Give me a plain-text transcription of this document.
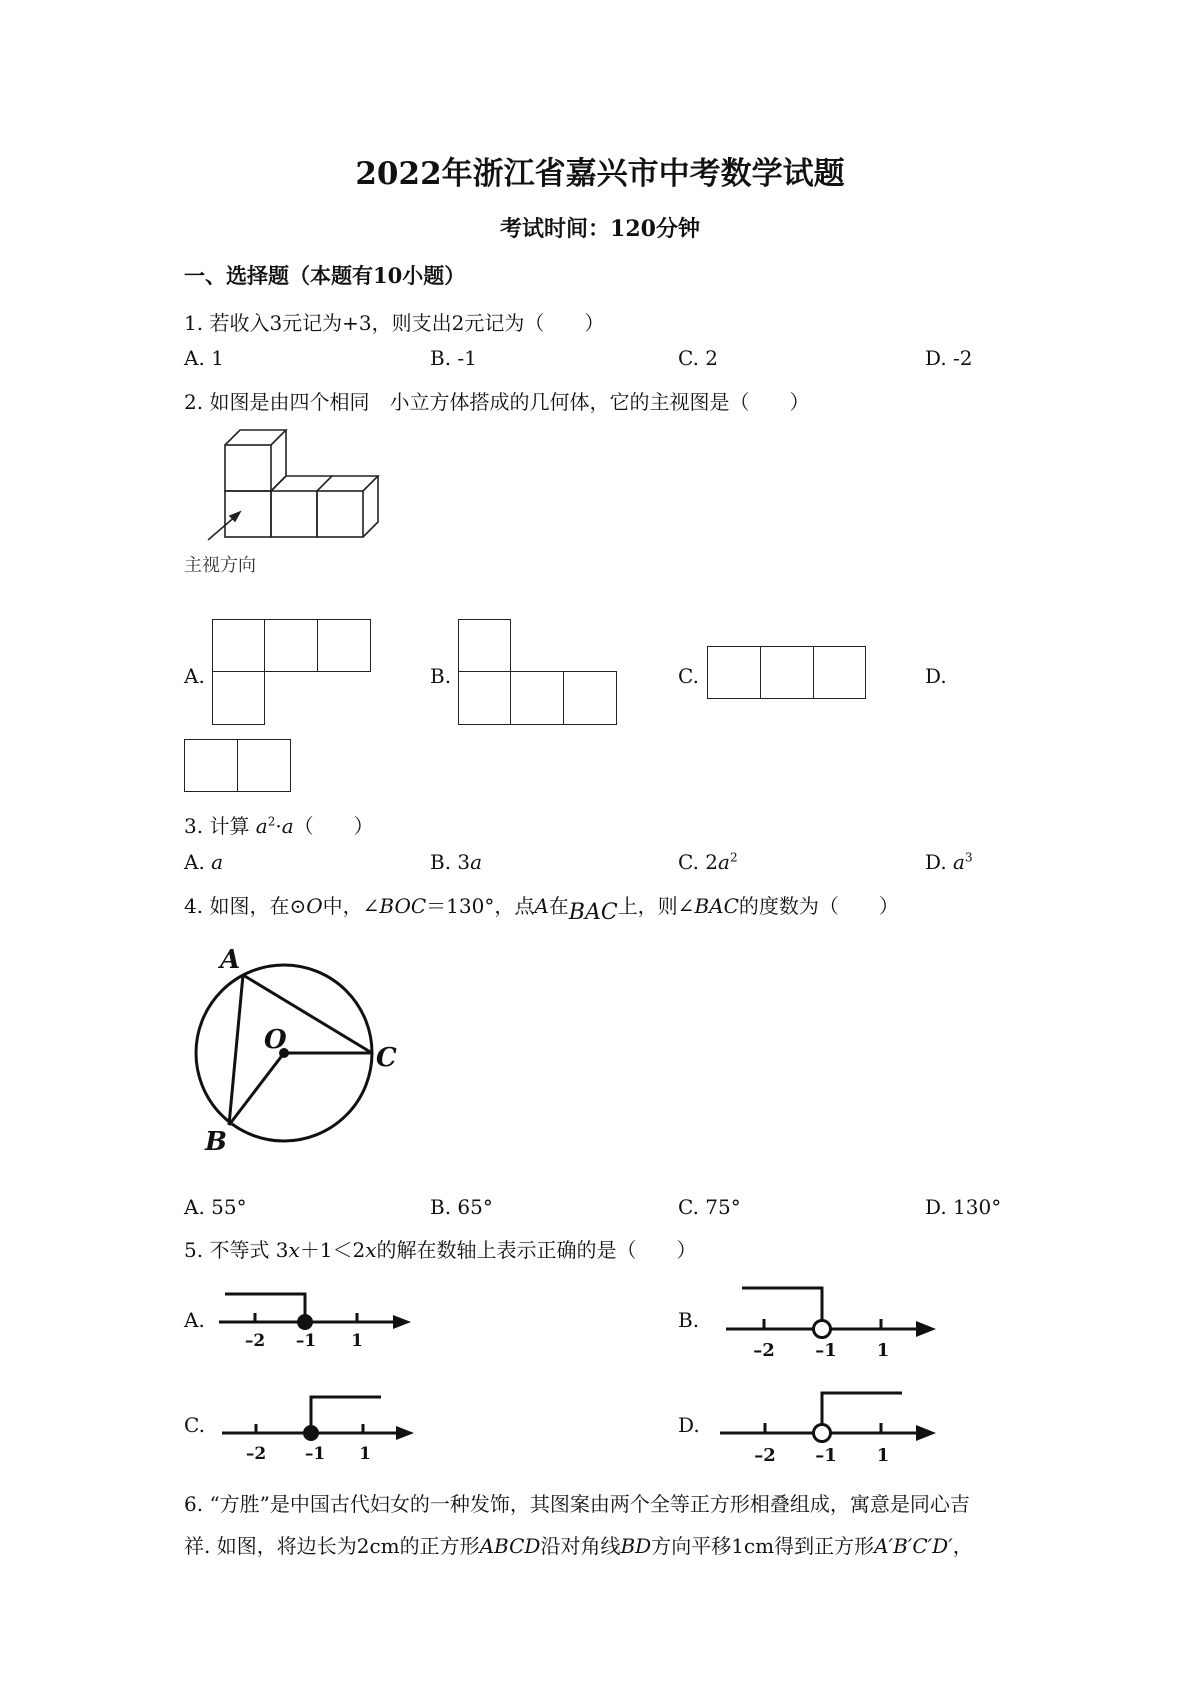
2022年浙江省嘉兴市中考数学试题
考试时间：120分钟
一、选择题（本题有10小题）
1. 若收入3元记为+3，则支出2元记为（　　）
A. 1	B. -1	C. 2	D. -2
2. 如图是由四个相同　小立方体搭成的几何体，它的主视图是（　　）
主视方向
A.	B.	C.	D.
3. 计算 $a^2\cdot a$（　　）
A. a	B. 3a	C. $2a^2$	D. $a^3$
4. 如图，在⊙O中，∠BOC＝130°，点A在BAC上，则∠BAC的度数为（　　）
A
O
C
B
A. 55°	B. 65°	C. 75°	D. 130°
5. 不等式 3x＋1＜2x的解在数轴上表示正确的是（　　）
A.
–2 –1 1
B.
–2 –1 1
C.
–2 –1 1
D.
–2 –1 1
6. “方胜”是中国古代妇女的一种发饰，其图案由两个全等正方形相叠组成，寓意是同心吉
祥. 如图，将边长为2cm的正方形ABCD沿对角线BD方向平移1cm得到正方形A′B′C′D′，
